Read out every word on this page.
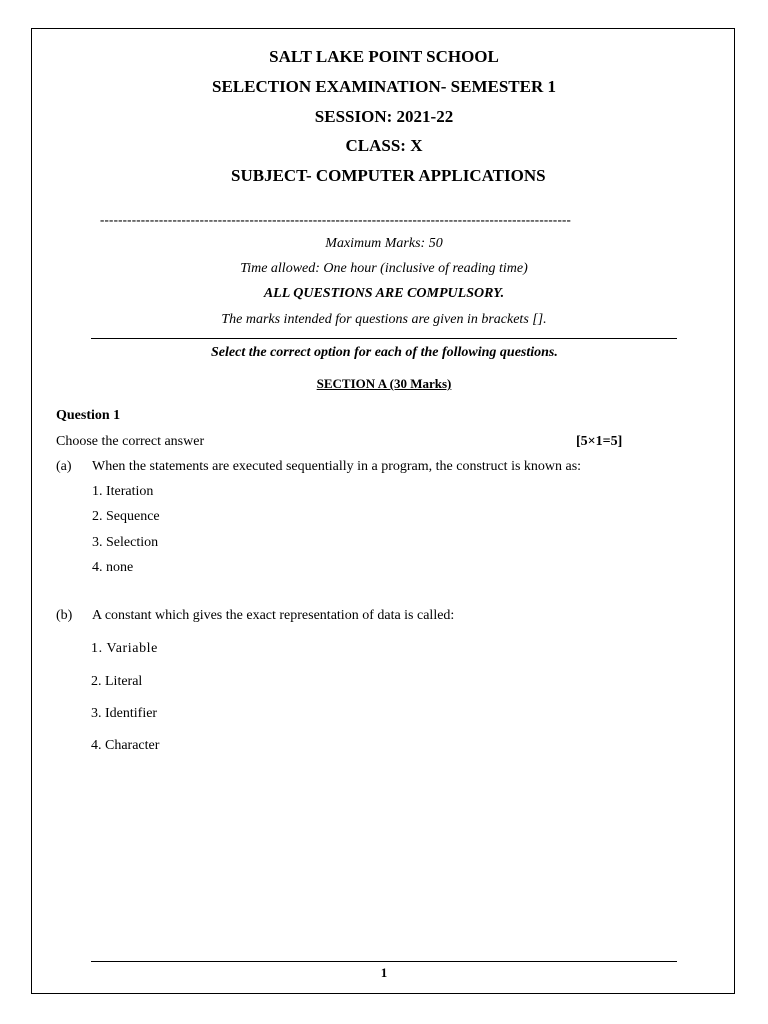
SALT LAKE POINT SCHOOL
SELECTION EXAMINATION- SEMESTER 1
SESSION: 2021-22
CLASS: X
SUBJECT- COMPUTER APPLICATIONS
--------------------------------------------------------------------------------------------------------
Maximum Marks: 50
Time allowed: One hour (inclusive of reading time)
ALL QUESTIONS ARE COMPULSORY.
The marks intended for questions are given in brackets [].
Select the correct option for each of the following questions.
SECTION A (30 Marks)
Question 1
Choose the correct answer	[5×1=5]
(a) When the statements are executed sequentially in a program, the construct is known as:
1. Iteration
2. Sequence
3. Selection
4. none
(b) A constant which gives the exact representation of data is called:
1. Variable
2. Literal
3. Identifier
4. Character
1
